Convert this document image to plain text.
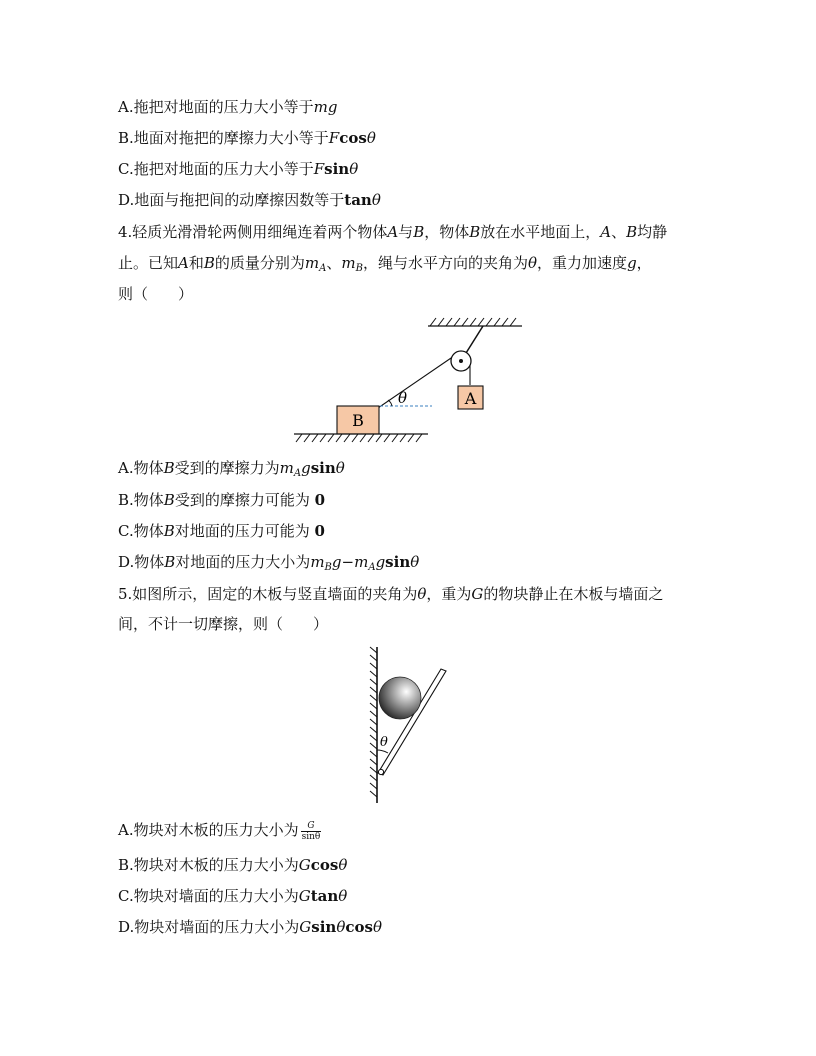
A.拖把对地面的压力大小等于mg
B.地面对拖把的摩擦力大小等于Fcosθ
C.拖把对地面的压力大小等于Fsinθ
D.地面与拖把间的动摩擦因数等于tanθ
4.轻质光滑滑轮两侧用细绳连着两个物体A与B，物体B放在水平地面上，A、B均静
止。已知A和B的质量分别为$m_A$、$m_B$，绳与水平方向的夹角为θ，重力加速度g，
则（　　）
A
θ
B
A.物体B受到的摩擦力为$m_Agsin\theta$
B.物体B受到的摩擦力可能为 0
C.物体B对地面的压力可能为 0
D.物体B对地面的压力大小为$m_Bg-m_Agsin\theta$
5.如图所示，固定的木板与竖直墙面的夹角为θ，重为G的物块静止在木板与墙面之
间，不计一切摩擦，则（　　）
θ
A.物块对木板的压力大小为 $\frac{G}{\sin\theta}$
B.物块对木板的压力大小为Gcosθ
C.物块对墙面的压力大小为Gtanθ
D.物块对墙面的压力大小为Gsinθcosθ
